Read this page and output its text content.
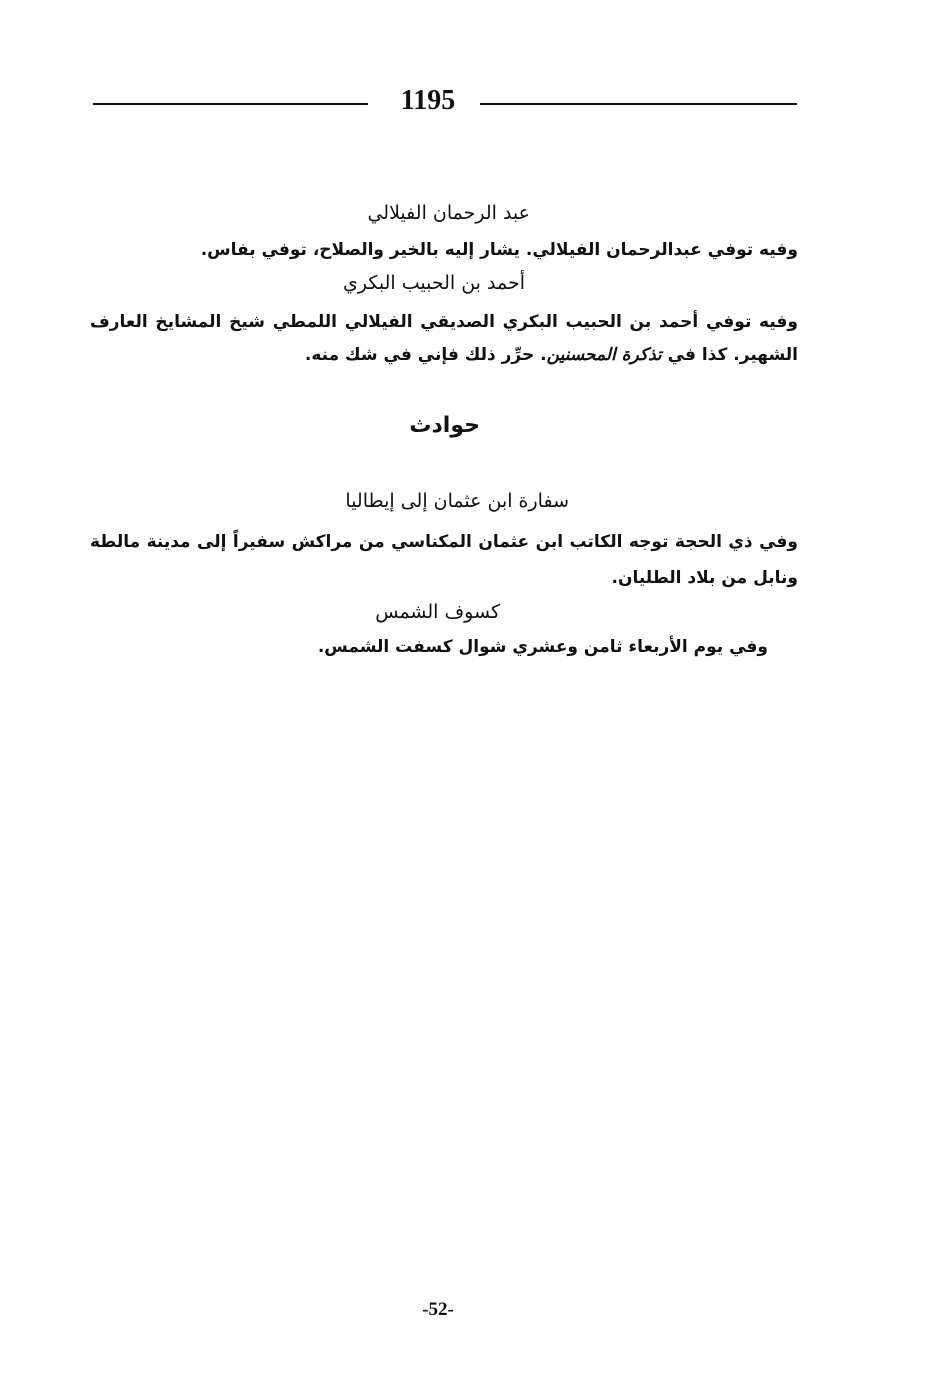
1195
عبد الرحمان الفيلالي
وفيه توفي عبدالرحمان الفيلالي. يشار إليه بالخير والصلاح، توفي بفاس.
أحمد بن الحبيب البكري
وفيه توفي أحمد بن الحبيب البكري الصديقي الفيلالي اللمطي شيخ المشايخ العارف
الشهير. كذا في تذكرة المحسنين. حرِّر ذلك فإني في شك منه.
حوادث
سفارة ابن عثمان إلى إيطاليا
وفي ذي الحجة توجه الكاتب ابن عثمان المكناسي من مراكش سفيراً إلى مدينة مالطة
ونابل من بلاد الطليان.
كسوف الشمس
وفي يوم الأربعاء ثامن وعشري شوال كسفت الشمس.
-52-
